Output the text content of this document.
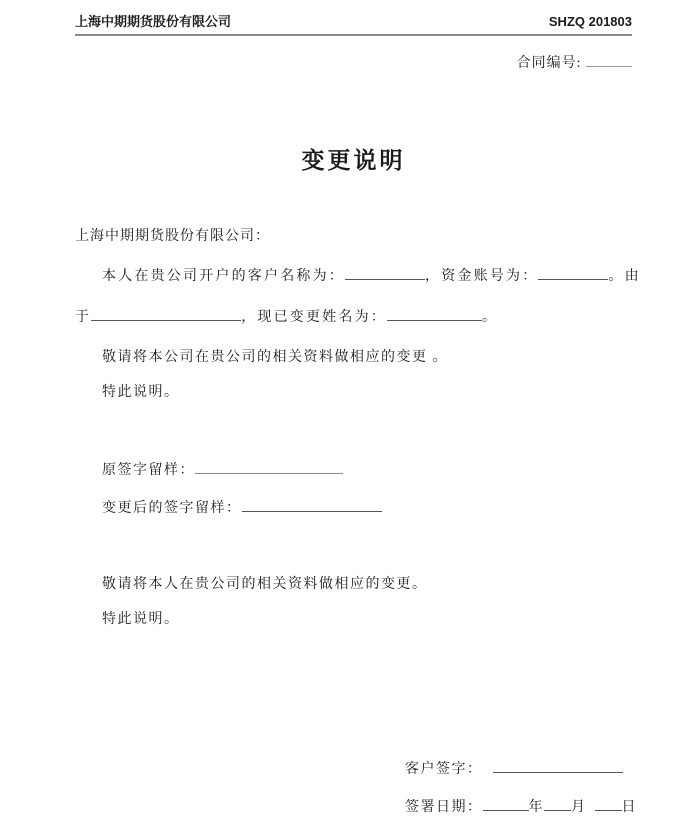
上海中期期货股份有限公司	SHZQ 201803
合同编号:
变更说明
上海中期期货股份有限公司：
本人在贵公司开户的客户名称为：	，资金账号为：	。由
于	，现已变更姓名为：	。
敬请将本公司在贵公司的相关资料做相应的变更 。
特此说明。
原签字留样：
变更后的签字留样：
敬请将本人在贵公司的相关资料做相应的变更。
特此说明。
客户签字：
签署日期：	年 月	日
